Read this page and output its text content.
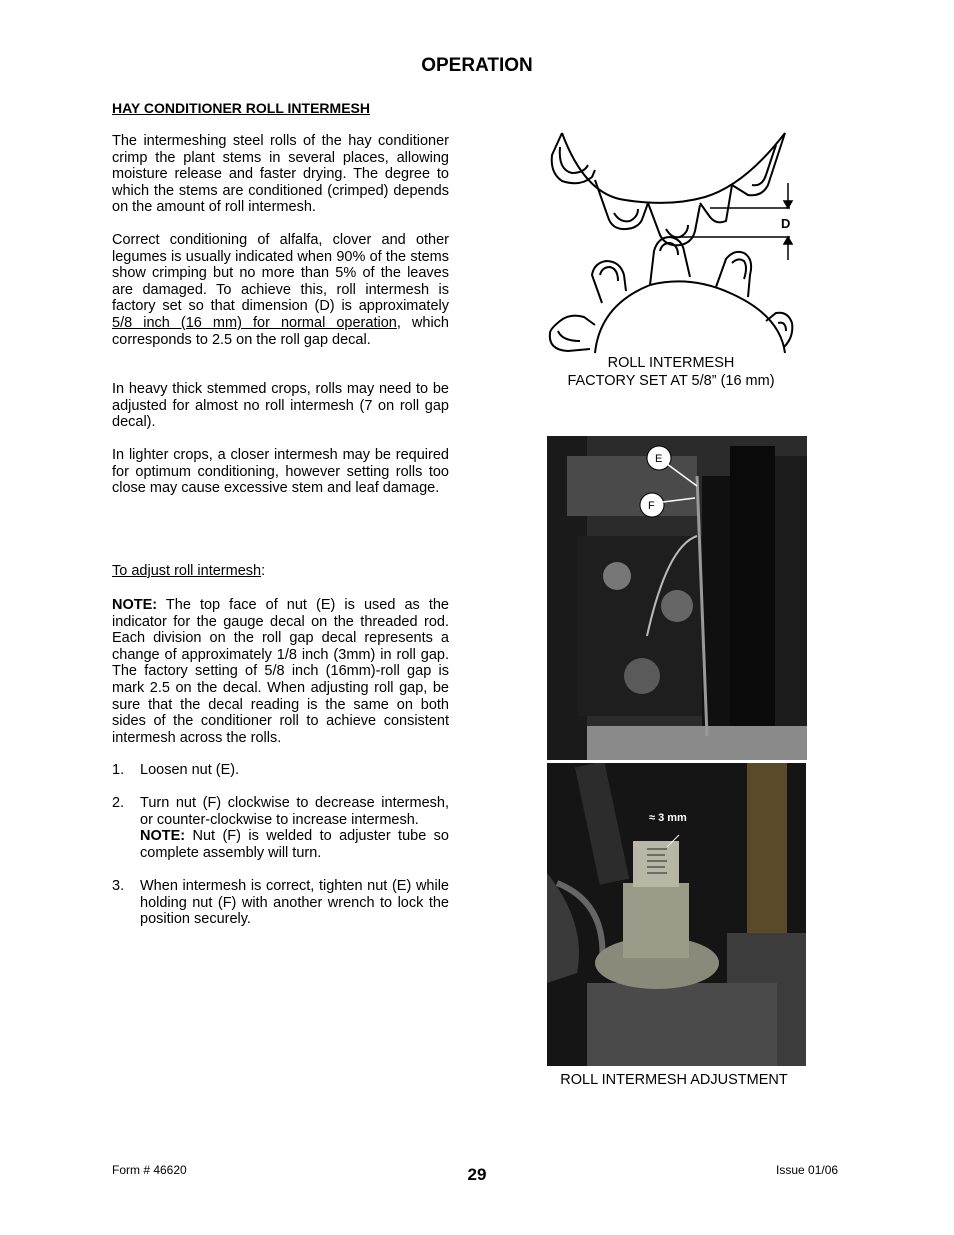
OPERATION
HAY CONDITIONER ROLL INTERMESH

The intermeshing steel rolls of the hay conditioner crimp the plant stems in several places, allowing moisture release and faster drying. The degree to which the stems are conditioned (crimped) depends on the amount of roll intermesh.

Correct conditioning of alfalfa, clover and other legumes is usually indicated when 90% of the stems show crimping but no more than 5% of the leaves are damaged. To achieve this, roll intermesh is factory set so that dimension (D) is approximately 5/8 inch (16 mm) for normal operation, which corresponds to 2.5 on the roll gap decal.

In heavy thick stemmed crops, rolls may need to be adjusted for almost no roll intermesh (7 on roll gap decal).

In lighter crops, a closer intermesh may be required for optimum conditioning, however setting rolls too close may cause excessive stem and leaf damage.

To adjust roll intermesh:

NOTE: The top face of nut (E) is used as the indicator for the gauge decal on the threaded rod. Each division on the roll gap decal represents a change of approximately 1/8 inch (3mm) in roll gap. The factory setting of 5/8 inch (16mm)-roll gap is mark 2.5 on the decal. When adjusting roll gap, be sure that the decal reading is the same on both sides of the conditioner roll to achieve consistent intermesh across the rolls.

1. Loosen nut (E).
2. Turn nut (F) clockwise to decrease intermesh, or counter-clockwise to increase intermesh.
NOTE: Nut (F) is welded to adjuster tube so complete assembly will turn.
3. When intermesh is correct, tighten nut (E) while holding nut (F) with another wrench to lock the position securely.
D
ROLL INTERMESH
FACTORY SET AT 5/8” (16 mm)
E
F
≈ 3 mm
ROLL INTERMESH ADJUSTMENT
Form # 46620	29	Issue 01/06
